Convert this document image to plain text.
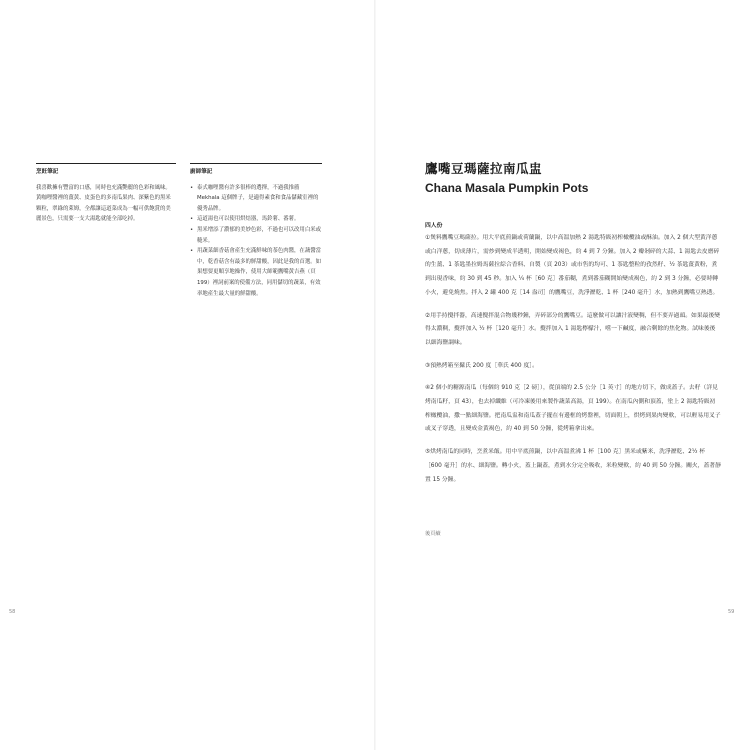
烹飪筆記

我喜歡擁有豐富的口感，同時也充滿艷麗的色彩和風味。黃咖哩醬裡的薑黃、皮蛋色的多南瓜果肉、深紫色的黑米顆粒，翠綠的萊姆，全都讓這道菜成為一幅可供飽賞的美麗景色，只需要一支大湯匙就能全部吃掉。

廚師筆記
• 泰式咖哩醬有許多很棒的選擇，不過我推薦Mekhala 這個牌子，是適得素食和食品儲藏室裡的優秀品牌。
• 這道湯也可以使用烘焙器，馬鈴薯、番薯。
• 黑米增添了濃郁的美妙色彩，不過也可以改用白米或糙米。
• 用蔬菜細香菇會產生充滿鮮味的茶色肉醬，在蔬醬當中，乾香菇含有最多的鮮甜酸，因此是我的首選。如果想要更順享地操作，使用大師範鷹嘴黃吉燕（頁 199）裡詞前案的使備方法，同用儲切的蔬菜，有效率地產生最大量的鮮甜酸。
58
鷹嘴豆瑪薩拉南瓜盅
Chana Masala Pumpkin Pots
四人份

①煲料鷹嘴豆瑪薩拉。用大平底煎鍋或荷蘭鍋，以中高溫加熱 2 湯匙特級初榨橄欖油或酥油。加入 2 個大型黃洋蔥或白洋蔥，切成薄片，需炒到變成半透明，開始變成褐色，約 4 到 7 分鐘。加入 2 瓣剁碎的大蒜、1 湯匙去皮磨碎的生薑、1 茶匙墨拉姆馬薩拉綜合香料、自製（頁 203）或市售的均可、1 茶匙整粒的孜然籽、½ 茶匙薑黃粉，煮到出現香味，約 30 到 45 秒。加入 ¼ 杯［60 克］番茄糊，煮到番茄糊開始變成褐色，約 2 到 3 分鐘，必要時轉小火，避免燒焦。拌入 2 罐 400 克［14 盎司］的鷹嘴豆，洗淨瀝乾、1 杯［240 毫升］水，加熱到鷹嘴豆熱透。

②用手持攪拌器，高速攪拌混合物幾秒鐘，弄碎部分的鷹嘴豆。這麼做可以讓汁液變稠，但不要弄過頭。如果最後變得太濃稠，攪拌加入 ½ 杯［120 毫升］水。攪拌加入 1 湯匙檸檬汁，嚐一下鹹度，融合剩餘的焦化物。試味後後以細海鹽調味。

③預熱烤箱至攝氏 200 度［華氏 400 度］。

④2 個小的糖源南瓜（每個約 910 克［2 磅］），從頂端的 2.5 公分［1 英寸］的地方切下，做成蓋子。去籽（詳見烤南瓜籽，頁 43），也去掉纖維（可冷凍後用來製作蔬菜高湯，頁 199）。在南瓜內側和頂蓋，塗上 2 湯匙特級初榨橄欖油，撒一點細海鹽。把南瓜盅和南瓜蓋子擺在有邊框的烤盤裡，切面朝上，烘烤到果肉變軟，可以輕易用叉子或叉子穿透，且變成金黃褐色，約 40 到 50 分鐘，從烤箱拿出來。

⑤烘烤南瓜的同時，烹煮米飯。用中平底煎鍋，以中高溫煮沸 1 杯［100 克］黑米或紫米，洗淨瀝乾、2½ 杯［600 毫升］的水、細海鹽。轉小火，蓋上鍋蓋，煮到水分完全吸收，米粒變軟，約 40 到 50 分鐘。關火，蓋著靜置 15 分鐘。

後頁續
59
